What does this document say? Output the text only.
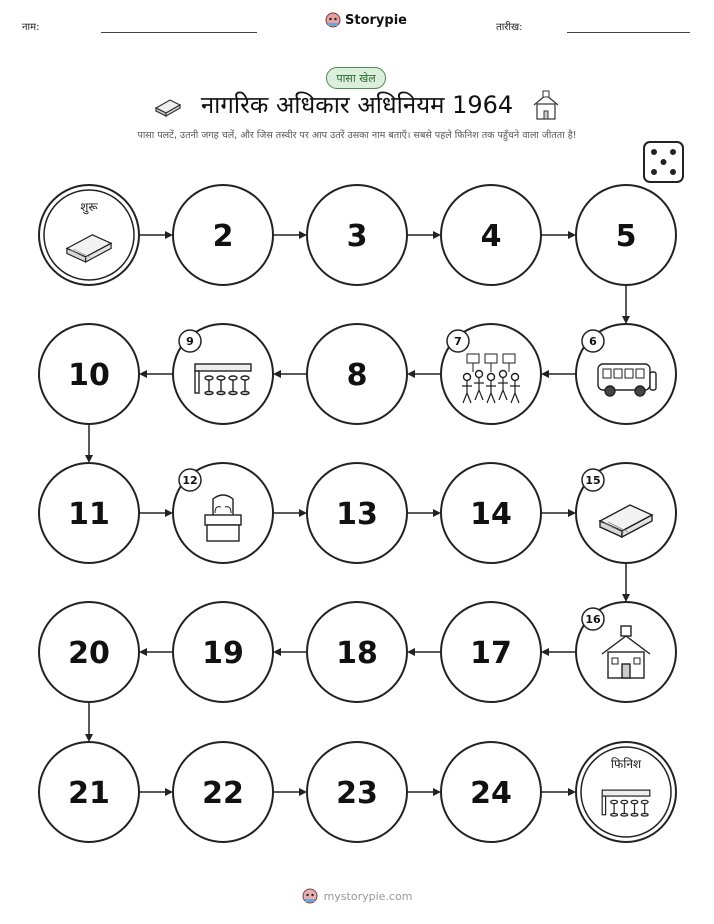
नाम:	Storypie	तारीख:
पासा खेल
नागरिक अधिकार अधिनियम 1964
पासा पलटें, उतनी जगह चलें, और जिस तस्वीर पर आप उतरें उसका नाम बताएँ। सबसे पहले फिनिश तक पहुँचने वाला जीतता है!
शुरू
2	3	4	5
6
7
8
9
10
11
12
13	14
15
16
17
18
19
20
21	22	23	24
फिनिश
mystorypie.com
